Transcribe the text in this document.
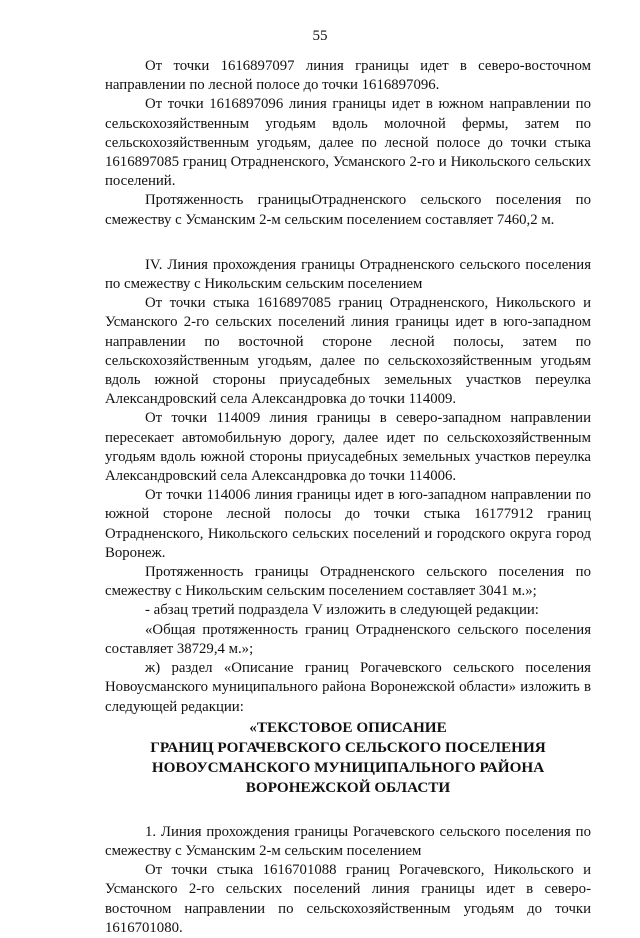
55

От точки 1616897097 линия границы идет в северо-восточном направлении по лесной полосе до точки 1616897096.

От точки 1616897096 линия границы идет в южном направлении по сельскохозяйственным угодьям вдоль молочной фермы, затем по сельскохозяйственным угодьям, далее по лесной полосе до точки стыка 1616897085 границ Отрадненского, Усманского 2-го и Никольского сельских поселений.

Протяженность границыОтрадненского сельского поселения по смежеству с Усманским 2-м сельским поселением составляет 7460,2 м.

IV. Линия прохождения границы Отрадненского сельского поселения по смежеству с Никольским сельским поселением

От точки стыка 1616897085 границ Отрадненского, Никольского и Усманского 2-го сельских поселений линия границы идет в юго-западном направлении по восточной стороне лесной полосы, затем по сельскохозяйственным угодьям, далее по сельскохозяйственным угодьям вдоль южной стороны приусадебных земельных участков переулка Александровский села Александровка до точки 114009.

От точки 114009 линия границы в северо-западном направлении пересекает автомобильную дорогу, далее идет по сельскохозяйственным угодьям вдоль южной стороны приусадебных земельных участков переулка Александровский села Александровка до точки 114006.

От точки 114006 линия границы идет в юго-западном направлении по южной стороне лесной полосы до точки стыка 16177912 границ Отрадненского, Никольского сельских поселений и городского округа город Воронеж.

Протяженность границы Отрадненского сельского поселения по смежеству с Никольским сельским поселением составляет 3041 м.»;

- абзац третий подраздела V изложить в следующей редакции:

«Общая протяженность границ Отрадненского сельского поселения составляет 38729,4 м.»;

ж) раздел «Описание границ Рогачевского сельского поселения Новоусманского муниципального района Воронежской области» изложить в следующей редакции:

«ТЕКСТОВОЕ ОПИСАНИЕ
ГРАНИЦ РОГАЧЕВСКОГО СЕЛЬСКОГО ПОСЕЛЕНИЯ
НОВОУСМАНСКОГО МУНИЦИПАЛЬНОГО РАЙОНА
ВОРОНЕЖСКОЙ ОБЛАСТИ

1. Линия прохождения границы Рогачевского сельского поселения по смежеству с Усманским 2-м сельским поселением

От точки стыка 1616701088 границ Рогачевского, Никольского и Усманского 2-го сельских поселений линия границы идет в северо-восточном направлении по сельскохозяйственным угодьям до точки 1616701080.
